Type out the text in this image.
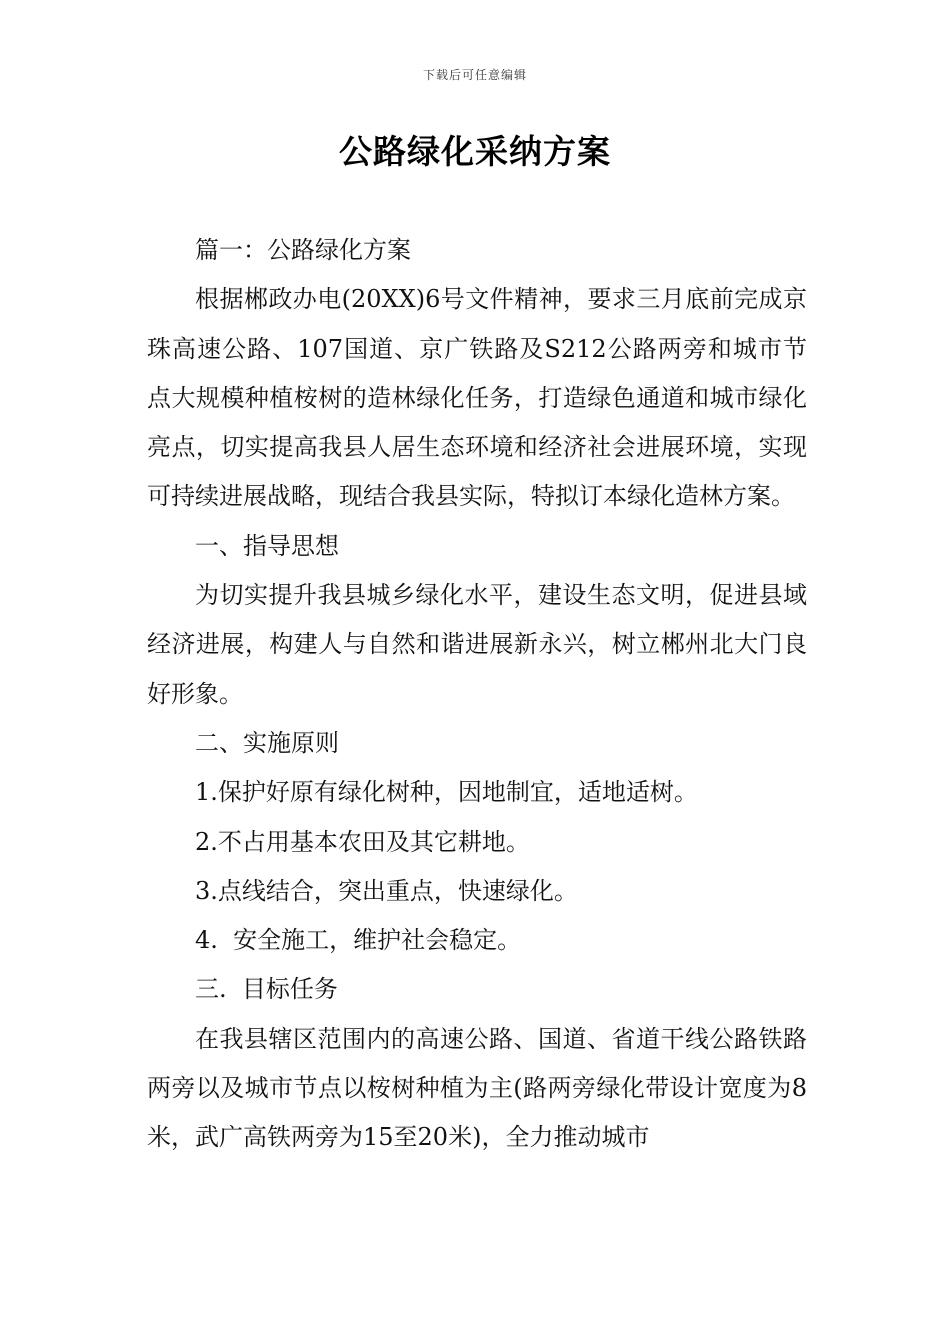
下载后可任意编辑
公路绿化采纳方案

篇一：公路绿化方案

根据郴政办电(20XX)6号文件精神，要求三月底前完成京珠高速公路、107国道、京广铁路及S212公路两旁和城市节点大规模种植桉树的造林绿化任务，打造绿色通道和城市绿化亮点，切实提高我县人居生态环境和经济社会进展环境，实现可持续进展战略，现结合我县实际，特拟订本绿化造林方案。

一、指导思想

为切实提升我县城乡绿化水平，建设生态文明，促进县域经济进展，构建人与自然和谐进展新永兴，树立郴州北大门良好形象。

二、实施原则

1.保护好原有绿化树种，因地制宜，适地适树。

2.不占用基本农田及其它耕地。

3.点线结合，突出重点，快速绿化。

4.  安全施工，维护社会稳定。

三.  目标任务

在我县辖区范围内的高速公路、国道、省道干线公路铁路两旁以及城市节点以桉树种植为主(路两旁绿化带设计宽度为8米，武广高铁两旁为15至20米)，全力推动城市
